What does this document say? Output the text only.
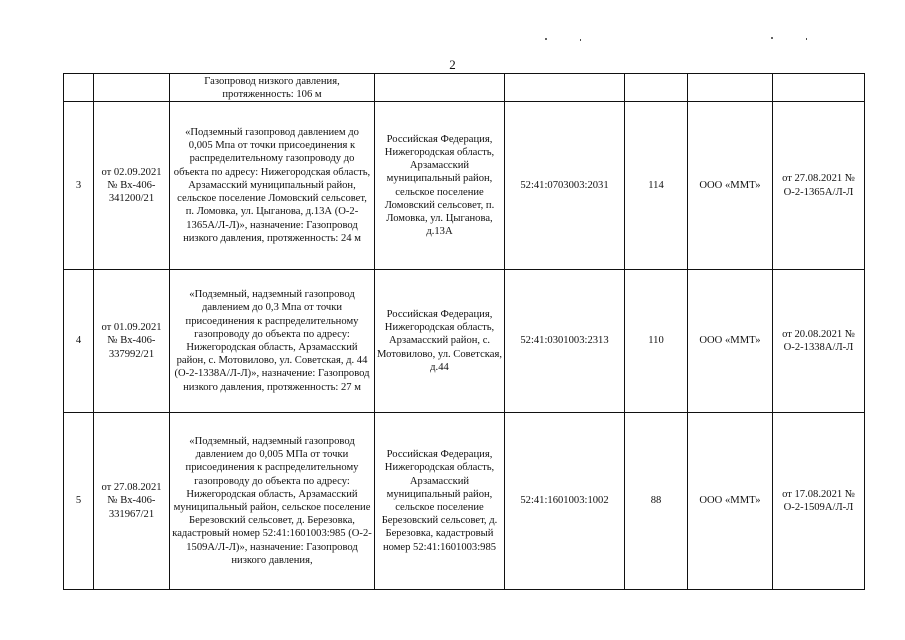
2
		Газопровод низкого давления, протяженность: 106 м					
3	от 02.09.2021 № Вх-406-341200/21	«Подземный газопровод давлением до 0,005 Мпа от точки присоединения к распределительному газопроводу до объекта по адресу: Нижегородская область, Арзамасский муниципальный район, сельское поселение Ломовский сельсовет, п. Ломовка, ул. Цыганова, д.13А (О-2-1365А/Л-Л)», назначение: Газопровод низкого давления, протяженность: 24 м	Российская Федерация, Нижегородская область, Арзамасский муниципальный район, сельское поселение Ломовский сельсовет, п. Ломовка, ул. Цыганова, д.13А	52:41:0703003:2031	114	ООО «ММТ»	от 27.08.2021 № О-2-1365А/Л-Л
4	от 01.09.2021 № Вх-406-337992/21	«Подземный, надземный газопровод давлением до 0,3 Мпа от точки присоединения к распределительному газопроводу до объекта по адресу: Нижегородская область, Арзамасский район, с. Мотовилово, ул. Советская, д. 44 (О-2-1338А/Л-Л)», назначение: Газопровод низкого давления, протяженность: 27 м	Российская Федерация, Нижегородская область, Арзамасский район, с. Мотовилово, ул. Советская, д.44	52:41:0301003:2313	110	ООО «ММТ»	от 20.08.2021 № О-2-1338А/Л-Л
5	от 27.08.2021 № Вх-406-331967/21	«Подземный, надземный газопровод давлением до 0,005 МПа от точки присоединения к распределительному газопроводу до объекта по адресу: Нижегородская область, Арзамасский муниципальный район, сельское поселение Березовский сельсовет, д. Березовка, кадастровый номер 52:41:1601003:985 (О-2-1509А/Л-Л)», назначение: Газопровод низкого давления,	Российская Федерация, Нижегородская область, Арзамасский муниципальный район, сельское поселение Березовский сельсовет, д. Березовка, кадастровый номер 52:41:1601003:985	52:41:1601003:1002	88	ООО «ММТ»	от 17.08.2021 № О-2-1509А/Л-Л
